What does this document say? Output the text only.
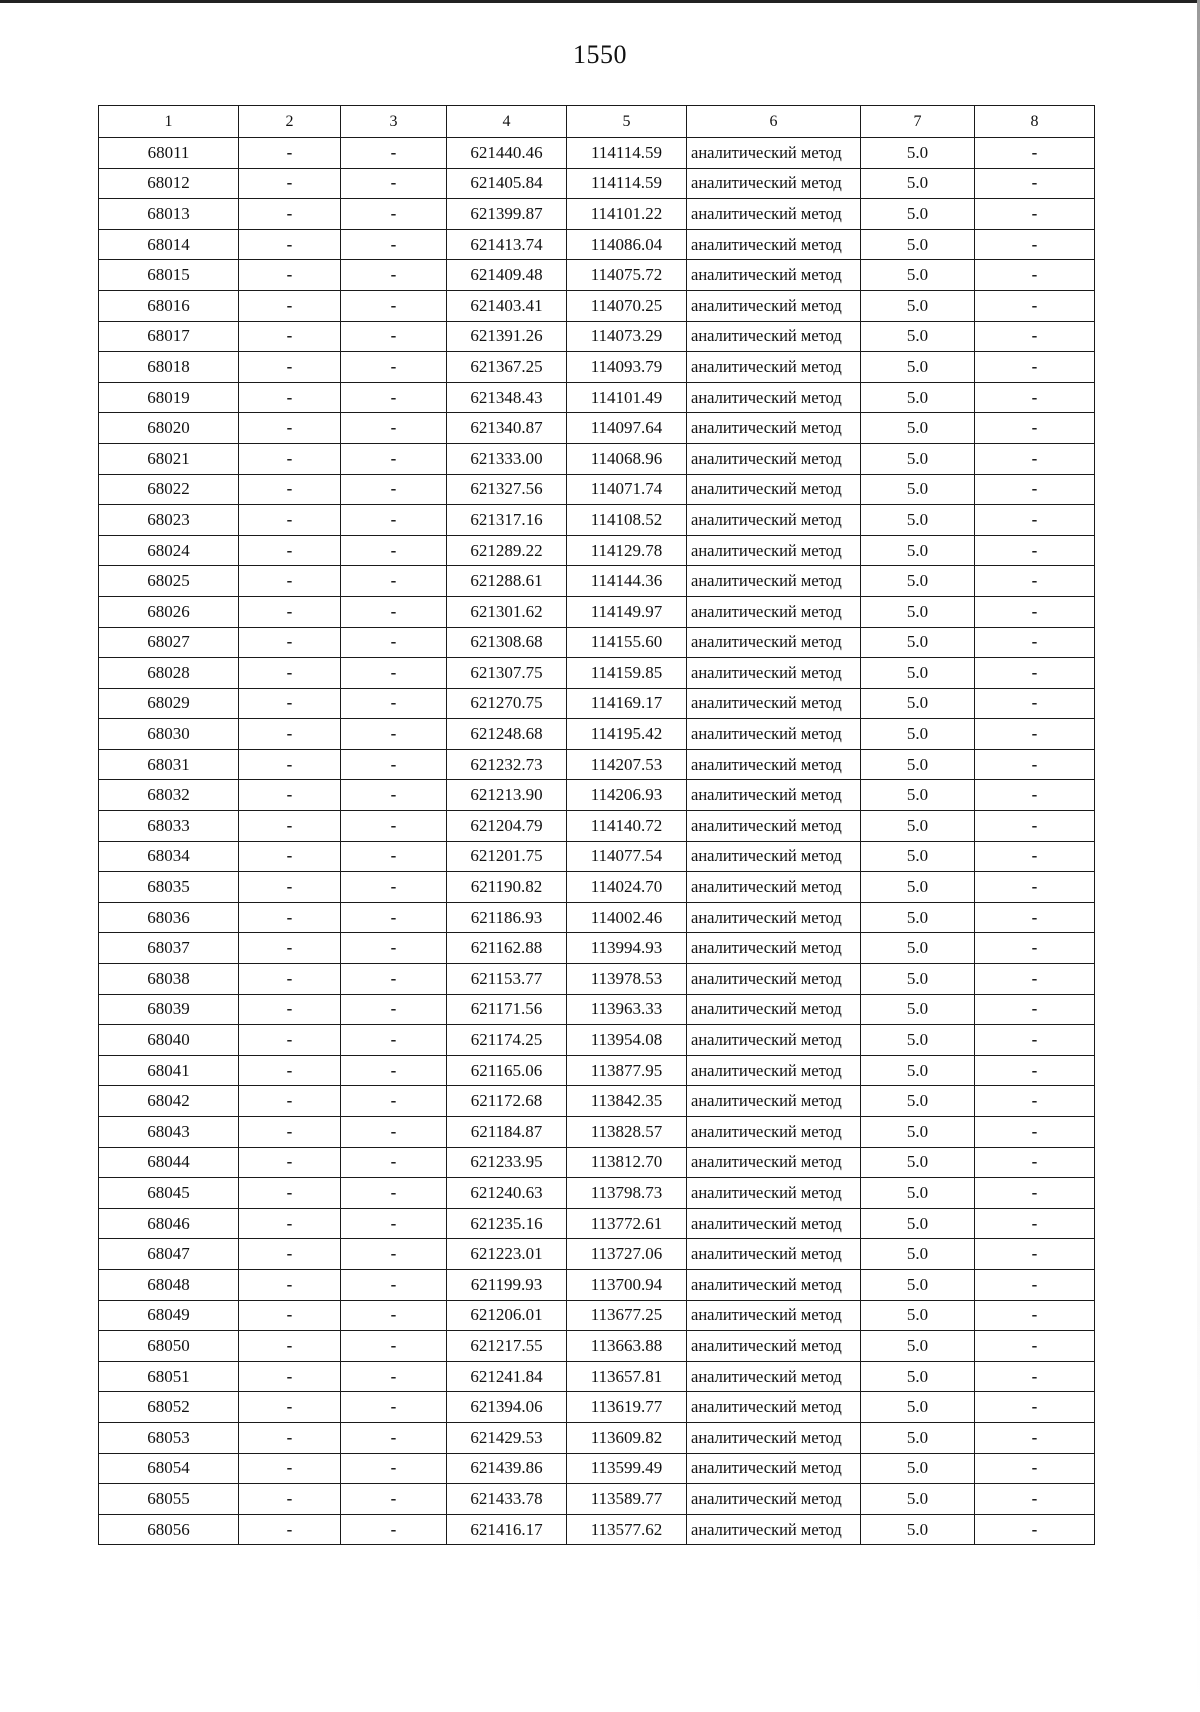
1550
1	2	3	4	5	6	7	8
68011	-	-	621440.46	114114.59	аналитический метод	5.0	-
68012	-	-	621405.84	114114.59	аналитический метод	5.0	-
68013	-	-	621399.87	114101.22	аналитический метод	5.0	-
68014	-	-	621413.74	114086.04	аналитический метод	5.0	-
68015	-	-	621409.48	114075.72	аналитический метод	5.0	-
68016	-	-	621403.41	114070.25	аналитический метод	5.0	-
68017	-	-	621391.26	114073.29	аналитический метод	5.0	-
68018	-	-	621367.25	114093.79	аналитический метод	5.0	-
68019	-	-	621348.43	114101.49	аналитический метод	5.0	-
68020	-	-	621340.87	114097.64	аналитический метод	5.0	-
68021	-	-	621333.00	114068.96	аналитический метод	5.0	-
68022	-	-	621327.56	114071.74	аналитический метод	5.0	-
68023	-	-	621317.16	114108.52	аналитический метод	5.0	-
68024	-	-	621289.22	114129.78	аналитический метод	5.0	-
68025	-	-	621288.61	114144.36	аналитический метод	5.0	-
68026	-	-	621301.62	114149.97	аналитический метод	5.0	-
68027	-	-	621308.68	114155.60	аналитический метод	5.0	-
68028	-	-	621307.75	114159.85	аналитический метод	5.0	-
68029	-	-	621270.75	114169.17	аналитический метод	5.0	-
68030	-	-	621248.68	114195.42	аналитический метод	5.0	-
68031	-	-	621232.73	114207.53	аналитический метод	5.0	-
68032	-	-	621213.90	114206.93	аналитический метод	5.0	-
68033	-	-	621204.79	114140.72	аналитический метод	5.0	-
68034	-	-	621201.75	114077.54	аналитический метод	5.0	-
68035	-	-	621190.82	114024.70	аналитический метод	5.0	-
68036	-	-	621186.93	114002.46	аналитический метод	5.0	-
68037	-	-	621162.88	113994.93	аналитический метод	5.0	-
68038	-	-	621153.77	113978.53	аналитический метод	5.0	-
68039	-	-	621171.56	113963.33	аналитический метод	5.0	-
68040	-	-	621174.25	113954.08	аналитический метод	5.0	-
68041	-	-	621165.06	113877.95	аналитический метод	5.0	-
68042	-	-	621172.68	113842.35	аналитический метод	5.0	-
68043	-	-	621184.87	113828.57	аналитический метод	5.0	-
68044	-	-	621233.95	113812.70	аналитический метод	5.0	-
68045	-	-	621240.63	113798.73	аналитический метод	5.0	-
68046	-	-	621235.16	113772.61	аналитический метод	5.0	-
68047	-	-	621223.01	113727.06	аналитический метод	5.0	-
68048	-	-	621199.93	113700.94	аналитический метод	5.0	-
68049	-	-	621206.01	113677.25	аналитический метод	5.0	-
68050	-	-	621217.55	113663.88	аналитический метод	5.0	-
68051	-	-	621241.84	113657.81	аналитический метод	5.0	-
68052	-	-	621394.06	113619.77	аналитический метод	5.0	-
68053	-	-	621429.53	113609.82	аналитический метод	5.0	-
68054	-	-	621439.86	113599.49	аналитический метод	5.0	-
68055	-	-	621433.78	113589.77	аналитический метод	5.0	-
68056	-	-	621416.17	113577.62	аналитический метод	5.0	-
